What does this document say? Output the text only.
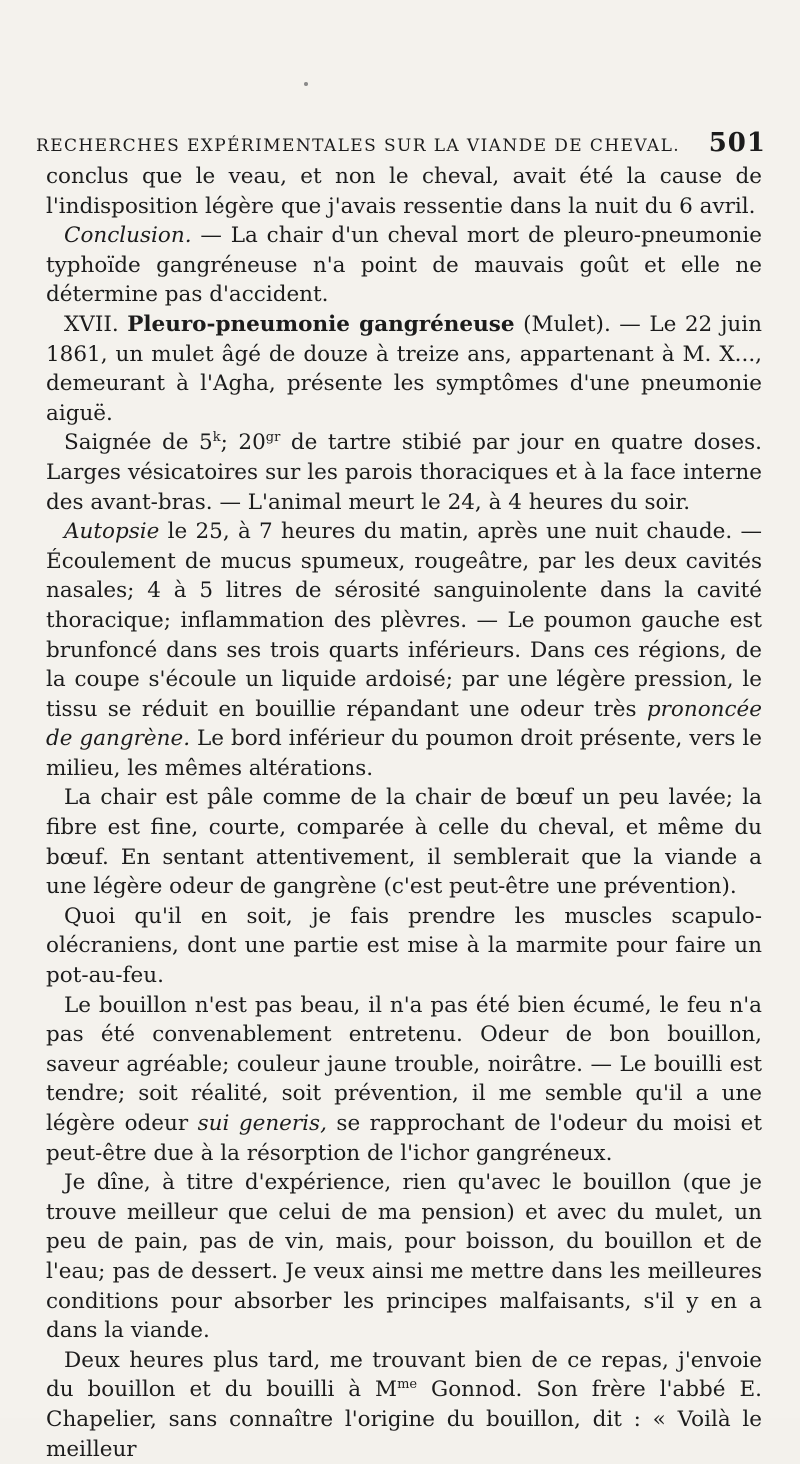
RECHERCHES EXPÉRIMENTALES SUR LA VIANDE DE CHEVAL. 501

conclus que le veau, et non le cheval, avait été la cause de l'indisposition légère que j'avais ressentie dans la nuit du 6 avril.

Conclusion. — La chair d'un cheval mort de pleuro-pneumonie typhoïde gangréneuse n'a point de mauvais goût et elle ne détermine pas d'accident.

XVII. Pleuro-pneumonie gangréneuse (Mulet). — Le 22 juin 1861, un mulet âgé de douze à treize ans, appartenant à M. X..., demeurant à l'Agha, présente les symptômes d'une pneumonie aiguë.

Saignée de 5$^k$; $20^{gr}$ de tartre stibié par jour en quatre doses. Larges vésicatoires sur les parois thoraciques et à la face interne des avant-bras. — L'animal meurt le 24, à 4 heures du soir.

Autopsie le 25, à 7 heures du matin, après une nuit chaude. — Écoulement de mucus spumeux, rougeâtre, par les deux cavités nasales; 4 à 5 litres de sérosité sanguinolente dans la cavité thoracique; inflammation des plèvres. — Le poumon gauche est brunfoncé dans ses trois quarts inférieurs. Dans ces régions, de la coupe s'écoule un liquide ardoisé; par une légère pression, le tissu se réduit en bouillie répandant une odeur très prononcée de gangrène. Le bord inférieur du poumon droit présente, vers le milieu, les mêmes altérations.

La chair est pâle comme de la chair de bœuf un peu lavée; la fibre est fine, courte, comparée à celle du cheval, et même du bœuf. En sentant attentivement, il semblerait que la viande a une légère odeur de gangrène (c'est peut-être une prévention).

Quoi qu'il en soit, je fais prendre les muscles scapulo-olécraniens, dont une partie est mise à la marmite pour faire un pot-au-feu.

Le bouillon n'est pas beau, il n'a pas été bien écumé, le feu n'a pas été convenablement entretenu. Odeur de bon bouillon, saveur agréable; couleur jaune trouble, noirâtre. — Le bouilli est tendre; soit réalité, soit prévention, il me semble qu'il a une légère odeur sui generis, se rapprochant de l'odeur du moisi et peut-être due à la résorption de l'ichor gangréneux.

Je dîne, à titre d'expérience, rien qu'avec le bouillon (que je trouve meilleur que celui de ma pension) et avec du mulet, un peu de pain, pas de vin, mais, pour boisson, du bouillon et de l'eau; pas de dessert. Je veux ainsi me mettre dans les meilleures conditions pour absorber les principes malfaisants, s'il y en a dans la viande.

Deux heures plus tard, me trouvant bien de ce repas, j'envoie du bouillon et du bouilli à $M^{me}$ Gonnod. Son frère l'abbé E. Chapelier, sans connaître l'origine du bouillon, dit : « Voilà le meilleur
